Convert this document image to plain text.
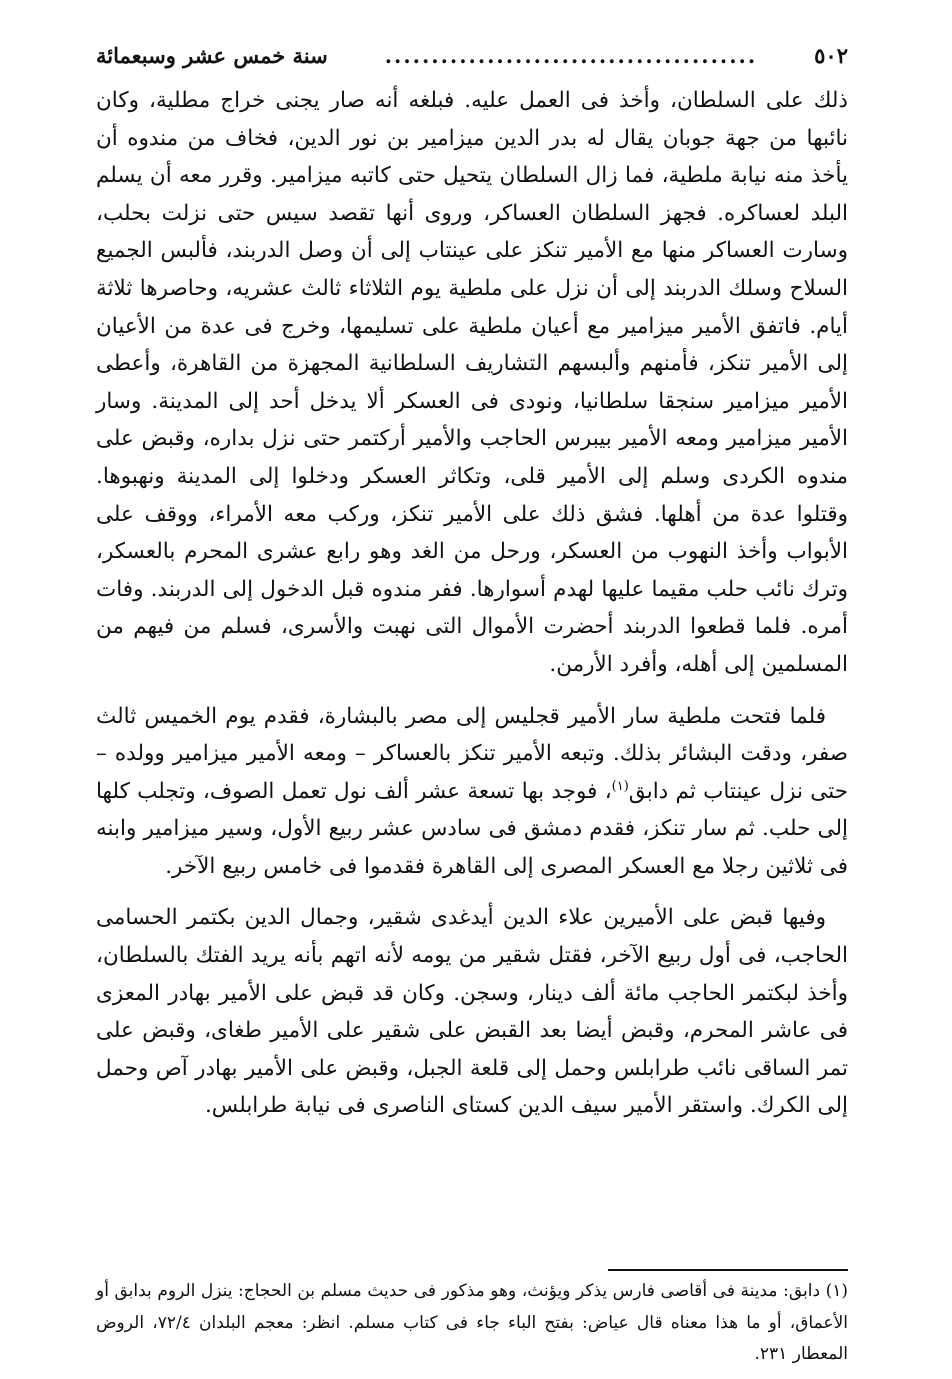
٥٠٢
........................................
سنة خمس عشر وسبعمائة

ذلك على السلطان، وأخذ فى العمل عليه. فبلغه أنه صار يجنى خراج مطلية، وكان نائبها من جهة جوبان يقال له بدر الدين ميزامير بن نور الدين، فخاف من مندوه أن يأخذ منه نيابة ملطية، فما زال السلطان يتحيل حتى كاتبه ميزامير. وقرر معه أن يسلم البلد لعساكره. فجهز السلطان العساكر، وروى أنها تقصد سيس حتى نزلت بحلب، وسارت العساكر منها مع الأمير تنكز على عينتاب إلى أن وصل الدربند، فألبس الجميع السلاح وسلك الدربند إلى أن نزل على ملطية يوم الثلاثاء ثالث عشريه، وحاصرها ثلاثة أيام. فاتفق الأمير ميزامير مع أعيان ملطية على تسليمها، وخرج فى عدة من الأعيان إلى الأمير تنكز، فأمنهم وألبسهم التشاريف السلطانية المجهزة من القاهرة، وأعطى الأمير ميزامير سنجقا سلطانيا، ونودى فى العسكر ألا يدخل أحد إلى المدينة. وسار الأمير ميزامير ومعه الأمير بيبرس الحاجب والأمير أركتمر حتى نزل بداره، وقبض على مندوه الكردى وسلم إلى الأمير قلى، وتكاثر العسكر ودخلوا إلى المدينة ونهبوها. وقتلوا عدة من أهلها. فشق ذلك على الأمير تنكز، وركب معه الأمراء، ووقف على الأبواب وأخذ النهوب من العسكر، ورحل من الغد وهو رابع عشرى المحرم بالعسكر، وترك نائب حلب مقيما عليها لهدم أسوارها. ففر مندوه قبل الدخول إلى الدربند. وفات أمره. فلما قطعوا الدربند أحضرت الأموال التى نهبت والأسرى، فسلم من فيهم من المسلمين إلى أهله، وأفرد الأرمن.

فلما فتحت ملطية سار الأمير قجليس إلى مصر بالبشارة، فقدم يوم الخميس ثالث صفر، ودقت البشائر بذلك. وتبعه الأمير تنكز بالعساكر – ومعه الأمير ميزامير وولده – حتى نزل عينتاب ثم دابق$^{(١)}$، فوجد بها تسعة عشر ألف نول تعمل الصوف، وتجلب كلها إلى حلب. ثم سار تنكز، فقدم دمشق فى سادس عشر ربيع الأول، وسير ميزامير وابنه فى ثلاثين رجلا مع العسكر المصرى إلى القاهرة فقدموا فى خامس ربيع الآخر.

وفيها قبض على الأميرين علاء الدين أيدغدى شقير، وجمال الدين بكتمر الحسامى الحاجب، فى أول ربيع الآخر، فقتل شقير من يومه لأنه اتهم بأنه يريد الفتك بالسلطان، وأخذ لبكتمر الحاجب مائة ألف دينار، وسجن. وكان قد قبض على الأمير بهادر المعزى فى عاشر المحرم، وقبض أيضا بعد القبض على شقير على الأمير طغاى، وقبض على تمر الساقى نائب طرابلس وحمل إلى قلعة الجبل، وقبض على الأمير بهادر آص وحمل إلى الكرك. واستقر الأمير سيف الدين كستاى الناصرى فى نيابة طرابلس.

(١) دابق: مدينة فى أقاصى فارس يذكر ويؤنث، وهو مذكور فى حديث مسلم بن الحجاج: ينزل الروم بدابق أو الأعماق، أو ما هذا معناه قال عياض: بفتح الباء جاء فى كتاب مسلم. انظر: معجم البلدان ٧٢/٤، الروض المعطار ٢٣١.
